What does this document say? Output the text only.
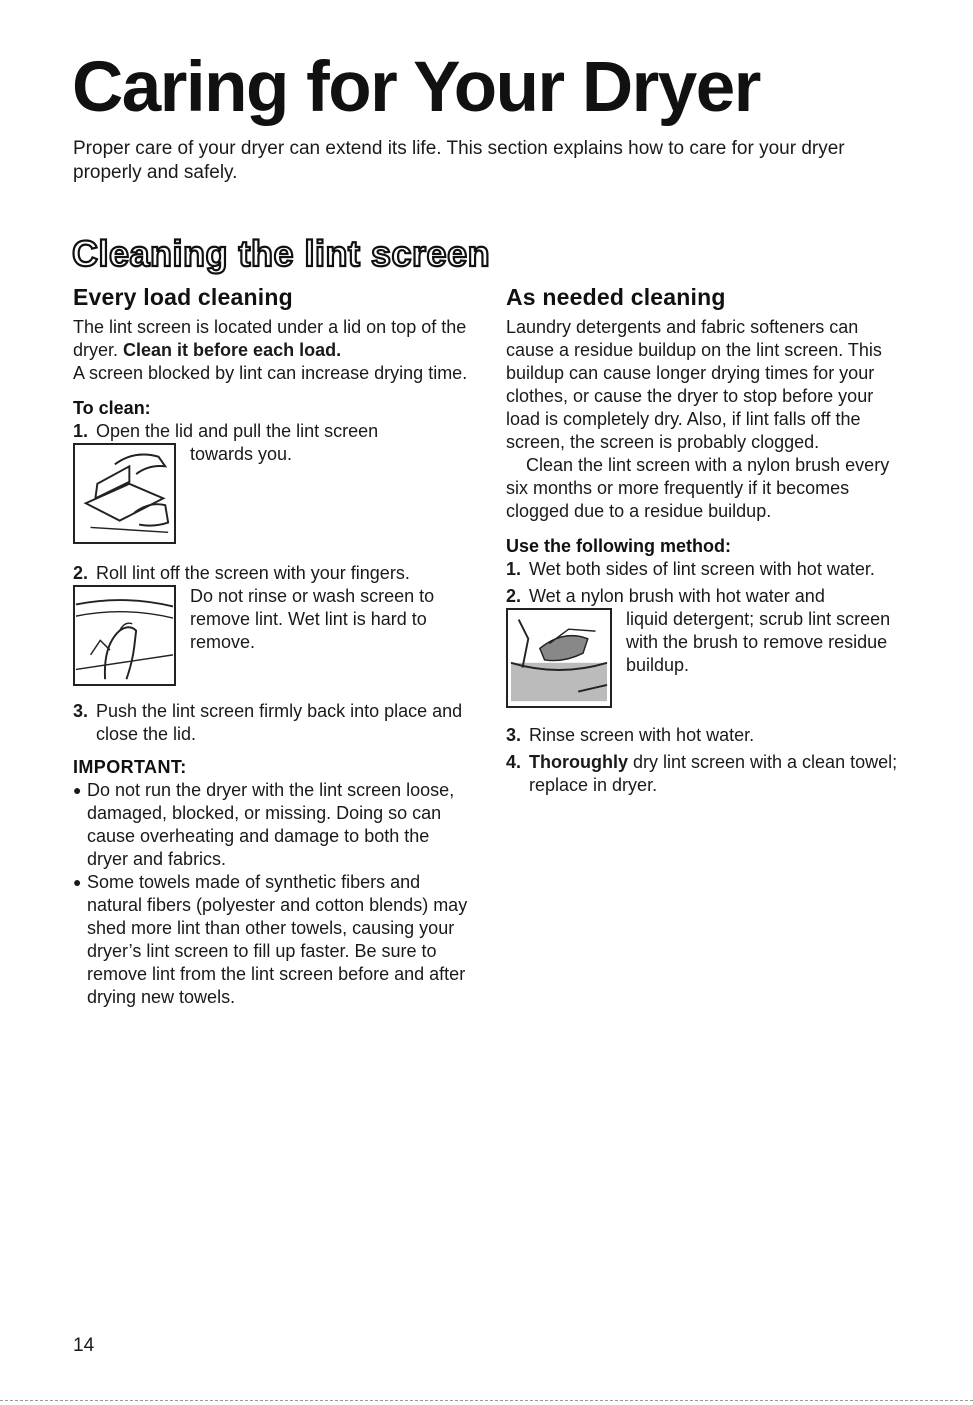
Caring for Your Dryer

Proper care of your dryer can extend its life. This section explains how to care for your dryer properly and safely.

Cleaning the lint screen
Every load cleaning

The lint screen is located under a lid on top of the dryer. Clean it before each load.

A screen blocked by lint can increase drying time.

To clean:
1. Open the lid and pull the lint screen

towards you.

2. Roll lint off the screen with your fingers.

Do not rinse or wash screen to remove lint. Wet lint is hard to remove.

3. Push the lint screen firmly back into place and close the lid.
IMPORTANT:
● Do not run the dryer with the lint screen loose, damaged, blocked, or missing. Doing so can cause overheating and damage to both the dryer and fabrics.
● Some towels made of synthetic fibers and natural fibers (polyester and cotton blends) may shed more lint than other towels, causing your dryer’s lint screen to fill up faster. Be sure to remove lint from the lint screen before and after drying new towels.
As needed cleaning

Laundry detergents and fabric softeners can cause a residue buildup on the lint screen. This buildup can cause longer drying times for your clothes, or cause the dryer to stop before your load is completely dry. Also, if lint falls off the screen, the screen is probably clogged.

Clean the lint screen with a nylon brush every six months or more frequently if it becomes clogged due to a residue buildup.

Use the following method:
1. Wet both sides of lint screen with hot water.
2. Wet a nylon brush with hot water and

liquid detergent; scrub lint screen with the brush to remove residue buildup.

3. Rinse screen with hot water.
4. Thoroughly dry lint screen with a clean towel; replace in dryer.
14
